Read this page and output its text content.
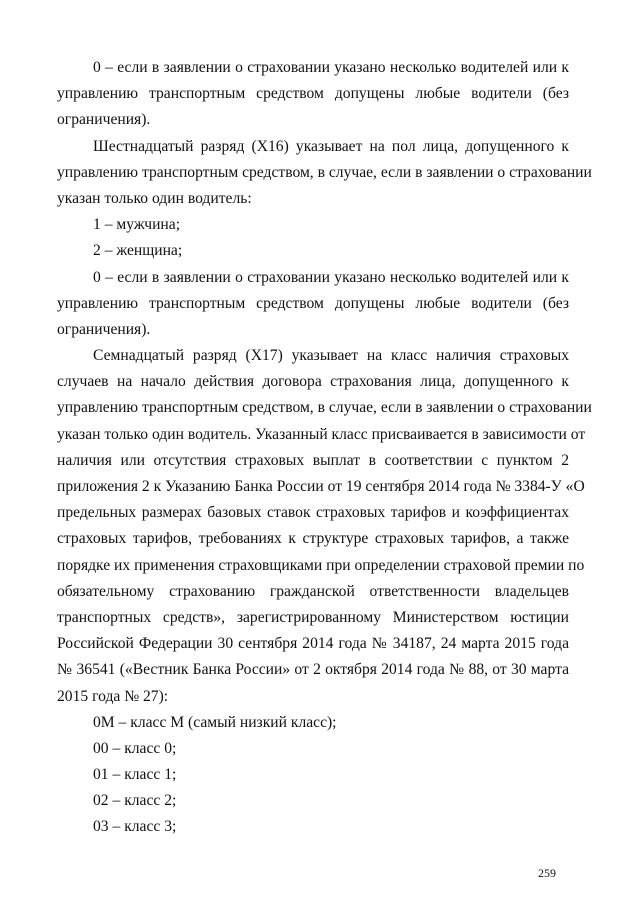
0 – если в заявлении о страховании указано несколько водителей или к
управлению транспортным средством допущены любые водители (без
ограничения).
Шестнадцатый разряд (X16) указывает на пол лица, допущенного к
управлению транспортным средством, в случае, если в заявлении о страховании
указан только один водитель:
1 – мужчина;
2 – женщина;
0 – если в заявлении о страховании указано несколько водителей или к
управлению транспортным средством допущены любые водители (без
ограничения).
Семнадцатый разряд (X17) указывает на класс наличия страховых
случаев на начало действия договора страхования лица, допущенного к
управлению транспортным средством, в случае, если в заявлении о страховании
указан только один водитель. Указанный класс присваивается в зависимости от
наличия или отсутствия страховых выплат в соответствии с пунктом 2
приложения 2 к Указанию Банка России от 19 сентября 2014 года № 3384-У «О
предельных размерах базовых ставок страховых тарифов и коэффициентах
страховых тарифов, требованиях к структуре страховых тарифов, а также
порядке их применения страховщиками при определении страховой премии по
обязательному страхованию гражданской ответственности владельцев
транспортных средств», зарегистрированному Министерством юстиции
Российской Федерации 30 сентября 2014 года № 34187, 24 марта 2015 года
№ 36541 («Вестник Банка России» от 2 октября 2014 года № 88, от 30 марта
2015 года № 27):
0М – класс М (самый низкий класс);
00 – класс 0;
01 – класс 1;
02 – класс 2;
03 – класс 3;
259
